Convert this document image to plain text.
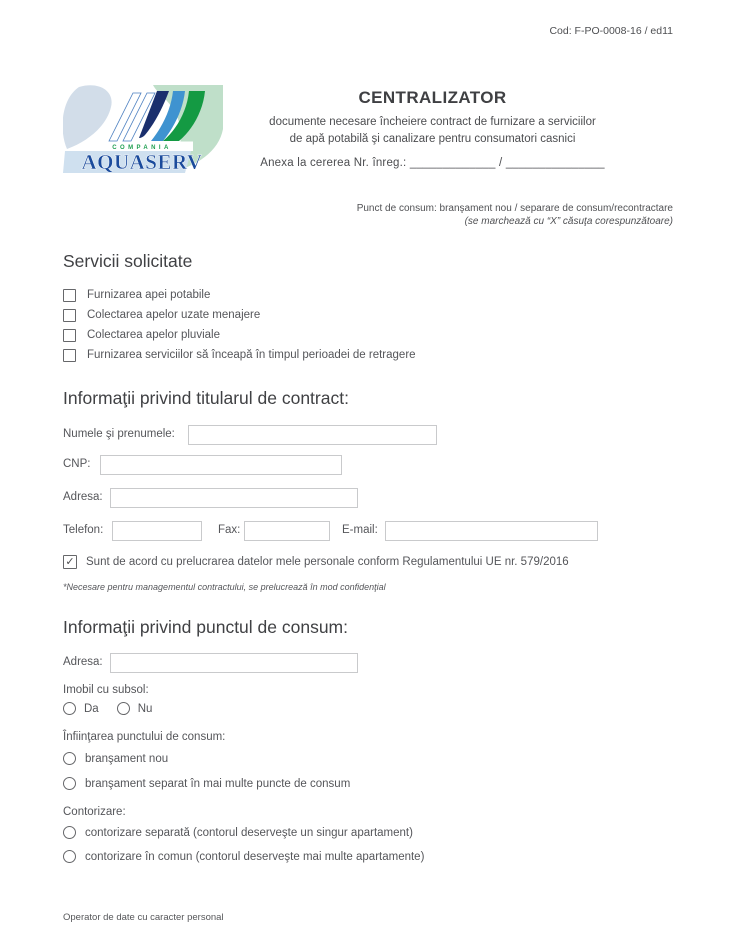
Cod: F-PO-0008-16 / ed11
COMPANIA
AQUASERV
CENTRALIZATOR
documente necesare încheiere contract de furnizare a serviciilor
de apă potabilă şi canalizare pentru consumatori casnici
Anexa la cererea Nr. înreg.: _____________ / _______________
Punct de consum: branşament nou / separare de consum/recontractare
(se marchează cu “X” căsuţa corespunzătoare)
Servicii solicitate
Furnizarea apei potabile
Colectarea apelor uzate menajere
Colectarea apelor pluviale
Furnizarea serviciilor să înceapă în timpul perioadei de retragere
Informaţii privind titularul de contract:
Numele şi prenumele:
CNP:
Adresa:
Telefon:	Fax:	E-mail:
✓ Sunt de acord cu prelucrarea datelor mele personale conform Regulamentului UE nr. 579/2016
*Necesare pentru managementul contractului, se prelucrează în mod confidenţial
Informaţii privind punctul de consum:
Adresa:
Imobil cu subsol:
Da	Nu
Înfiinţarea punctului de consum:
branşament nou
branşament separat în mai multe puncte de consum
Contorizare:
contorizare separată (contorul deserveşte un singur apartament)
contorizare în comun (contorul deserveşte mai multe apartamente)
Operator de date cu caracter personal
